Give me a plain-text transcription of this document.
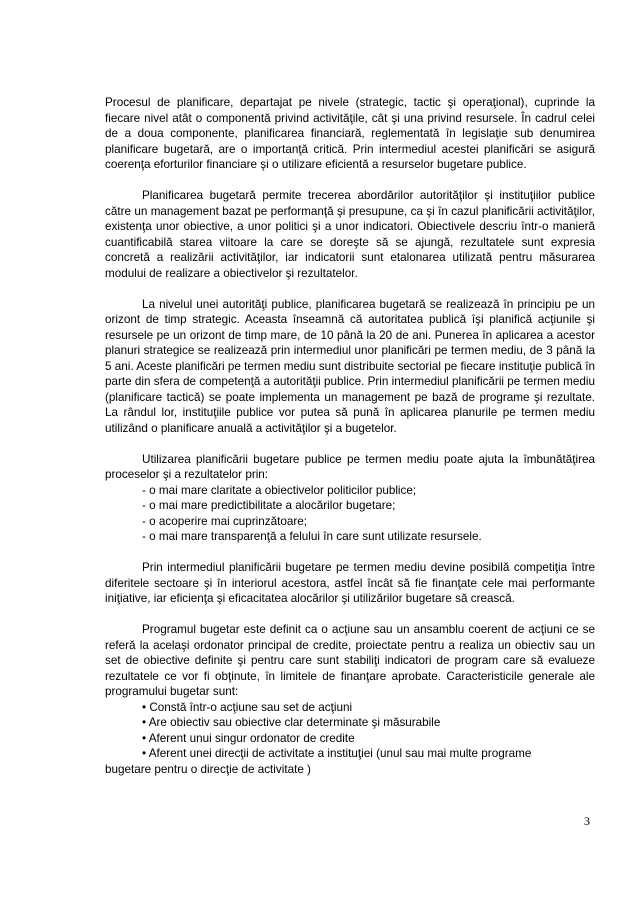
Procesul de planificare, departajat pe nivele (strategic, tactic şi operaţional), cuprinde la fiecare nivel atât o componentă privind activităţile, cât şi una privind resursele. În cadrul celei de a doua componente, planificarea financiară, reglementată în legislaţie sub denumirea planificare bugetară, are o importanţă critică. Prin intermediul acestei planificări se asigură coerenţa eforturilor financiare şi o utilizare eficientă a resurselor bugetare publice.

Planificarea bugetară permite trecerea abordărilor autorităţilor şi instituţiilor publice către un management bazat pe performanţă şi presupune, ca şi în cazul planificării activităţilor, existenţa unor obiective, a unor politici şi a unor indicatori. Obiectivele descriu într-o manieră cuantificabilă starea viitoare la care se doreşte să se ajungă, rezultatele sunt expresia concretă a realizării activităţilor, iar indicatorii sunt etalonarea utilizată pentru măsurarea modului de realizare a obiectivelor şi rezultatelor.

La nivelul unei autorităţi publice, planificarea bugetară se realizează în principiu pe un orizont de timp strategic. Aceasta înseamnă că autoritatea publică îşi planifică acţiunile şi resursele pe un orizont de timp mare, de 10 până la 20 de ani. Punerea în aplicarea a acestor planuri strategice se realizează prin intermediul unor planificări pe termen mediu, de 3 până la 5 ani. Aceste planificări pe termen mediu sunt distribuite sectorial pe fiecare instituţie publică în parte din sfera de competenţă a autorităţii publice. Prin intermediul planificării pe termen mediu (planificare tactică) se poate implementa un management pe bază de programe şi rezultate. La rândul lor, instituţiile publice vor putea să pună în aplicarea planurile pe termen mediu utilizând o planificare anuală a activităţilor şi a bugetelor.

Utilizarea planificării bugetare publice pe termen mediu poate ajuta la îmbunătăţirea proceselor şi a rezultatelor prin:

- o mai mare claritate a obiectivelor politicilor publice;
- o mai mare predictibilitate a alocărilor bugetare;
- o acoperire mai cuprinzătoare;
- o mai mare transparenţă a felului în care sunt utilizate resursele.

Prin intermediul planificării bugetare pe termen mediu devine posibilă competiţia între diferitele sectoare şi în interiorul acestora, astfel încât să fie finanţate cele mai performante iniţiative, iar eficienţa şi eficacitatea alocărilor şi utilizărilor bugetare să crească.

Programul bugetar este definit ca o acţiune sau un ansamblu coerent de acţiuni ce se referă la acelaşi ordonator principal de credite, proiectate pentru a realiza un obiectiv sau un set de obiective definite şi pentru care sunt stabiliţi indicatori de program care să evalueze rezultatele ce vor fi obţinute, în limitele de finanţare aprobate. Caracteristicile generale ale programului bugetar sunt:

• Constă într-o acţiune sau set de acţiuni
• Are obiectiv sau obiective clar determinate şi măsurabile
• Aferent unui singur ordonator de credite
• Aferent unei direcţii de activitate a instituţiei (unul sau mai multe programe
bugetare pentru o direcţie de activitate )
3
